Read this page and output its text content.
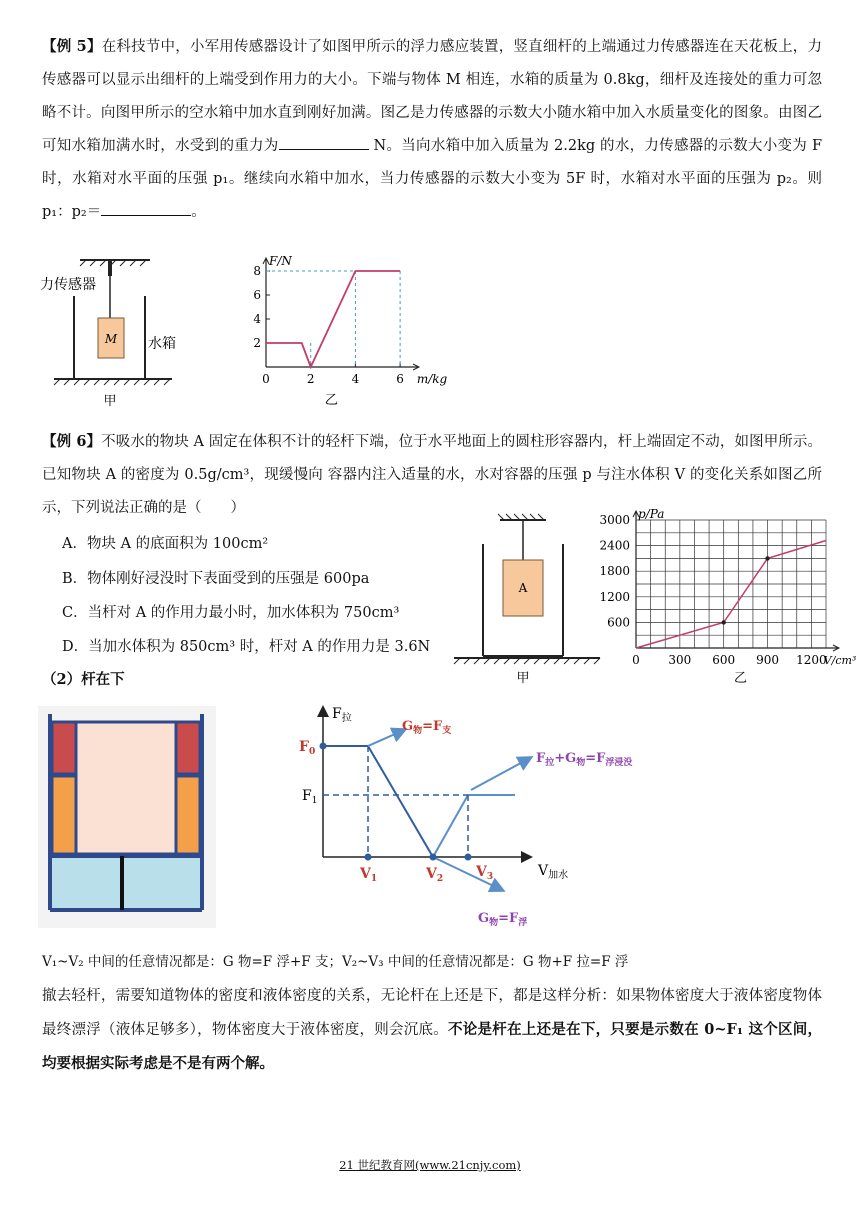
【例 5】在科技节中，小军用传感器设计了如图甲所示的浮力感应装置，竖直细杆的上端通过力传感器连在天花板上，力传感器可以显示出细杆的上端受到作用力的大小。下端与物体 M 相连，水箱的质量为 0.8kg，细杆及连接处的重力可忽略不计。向图甲所示的空水箱中加水直到刚好加满。图乙是力传感器的示数大小随水箱中加入水质量变化的图象。由图乙可知水箱加满水时，水受到的重力为	N。当向水箱中加入质量为 2.2kg 的水，力传感器的示数大小变为 F 时，水箱对水平面的压强 p₁。继续向水箱中加水，当力传感器的示数大小变为 5F 时，水箱对水平面的压强为 p₂。则 p₁：p₂＝	。
M
力传感器
水箱
甲
2
4
6
8
0	2	4	6
F/N
m/kg
乙
【例 6】不吸水的物块 A 固定在体积不计的轻杆下端，位于水平地面上的圆柱形容器内，杆上端固定不动，如图甲所示。已知物块 A 的密度为 0.5g/cm³，现缓慢向 容器内注入适量的水，水对容器的压强 p 与注水体积 V 的变化关系如图乙所示，下列说法正确的是（　　）
A．物块 A 的底面积为 100cm²
B．物体刚好浸没时下表面受到的压强是 600pa
C．当杆对 A 的作用力最小时，加水体积为 750cm³
D．当加水体积为 850cm³ 时，杆对 A 的作用力是 3.6N
A
甲
600
1200
1800
2400
3000
0 300 600 900 1200
p/Pa
V/cm³
乙
（2）杆在下
$F_拉$
$V_{加水}$
$F_0$
$F_1$
$V_1$	$V_2$ $V_3$
$G_物=F_支$
$F_拉+G_物=F_{浮浸没}$
$G_物=F_浮$
V₁~V₂ 中间的任意情况都是：G 物=F 浮+F 支；V₂~V₃ 中间的任意情况都是：G 物+F 拉=F 浮
撤去轻杆，需要知道物体的密度和液体密度的关系，无论杆在上还是下，都是这样分析：如果物体密度大于液体密度物体最终漂浮（液体足够多），物体密度大于液体密度，则会沉底。不论是杆在上还是在下，只要是示数在 0~F₁ 这个区间，均要根据实际考虑是不是有两个解。
21 世纪教育网(www.21cnjy.com)
